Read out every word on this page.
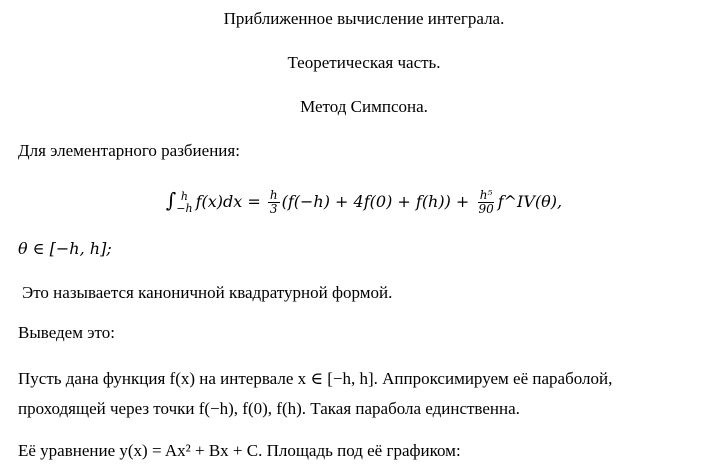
Приближенное вычисление интеграла.
Теоретическая часть.
Метод Симпсона.
Для элементарного разбиения:
∫ h
−h $f(x)dx = \frac{h}{3} (f(-h) + 4f(0) + f(h)) + \frac{\text{h⁵}}{90}$ f^IV(θ),
θ ∈ [−h, h];
Это называется каноничной квадратурной формой.
Выведем это:
Пусть дана функция f(x) на интервале x ∈ [−h, h]. Аппроксимируем её параболой,
проходящей через точки f(−h), f(0), f(h). Такая парабола единственна.
Её уравнение y(x) = Ax² + Bx + C. Площадь под её графиком:
